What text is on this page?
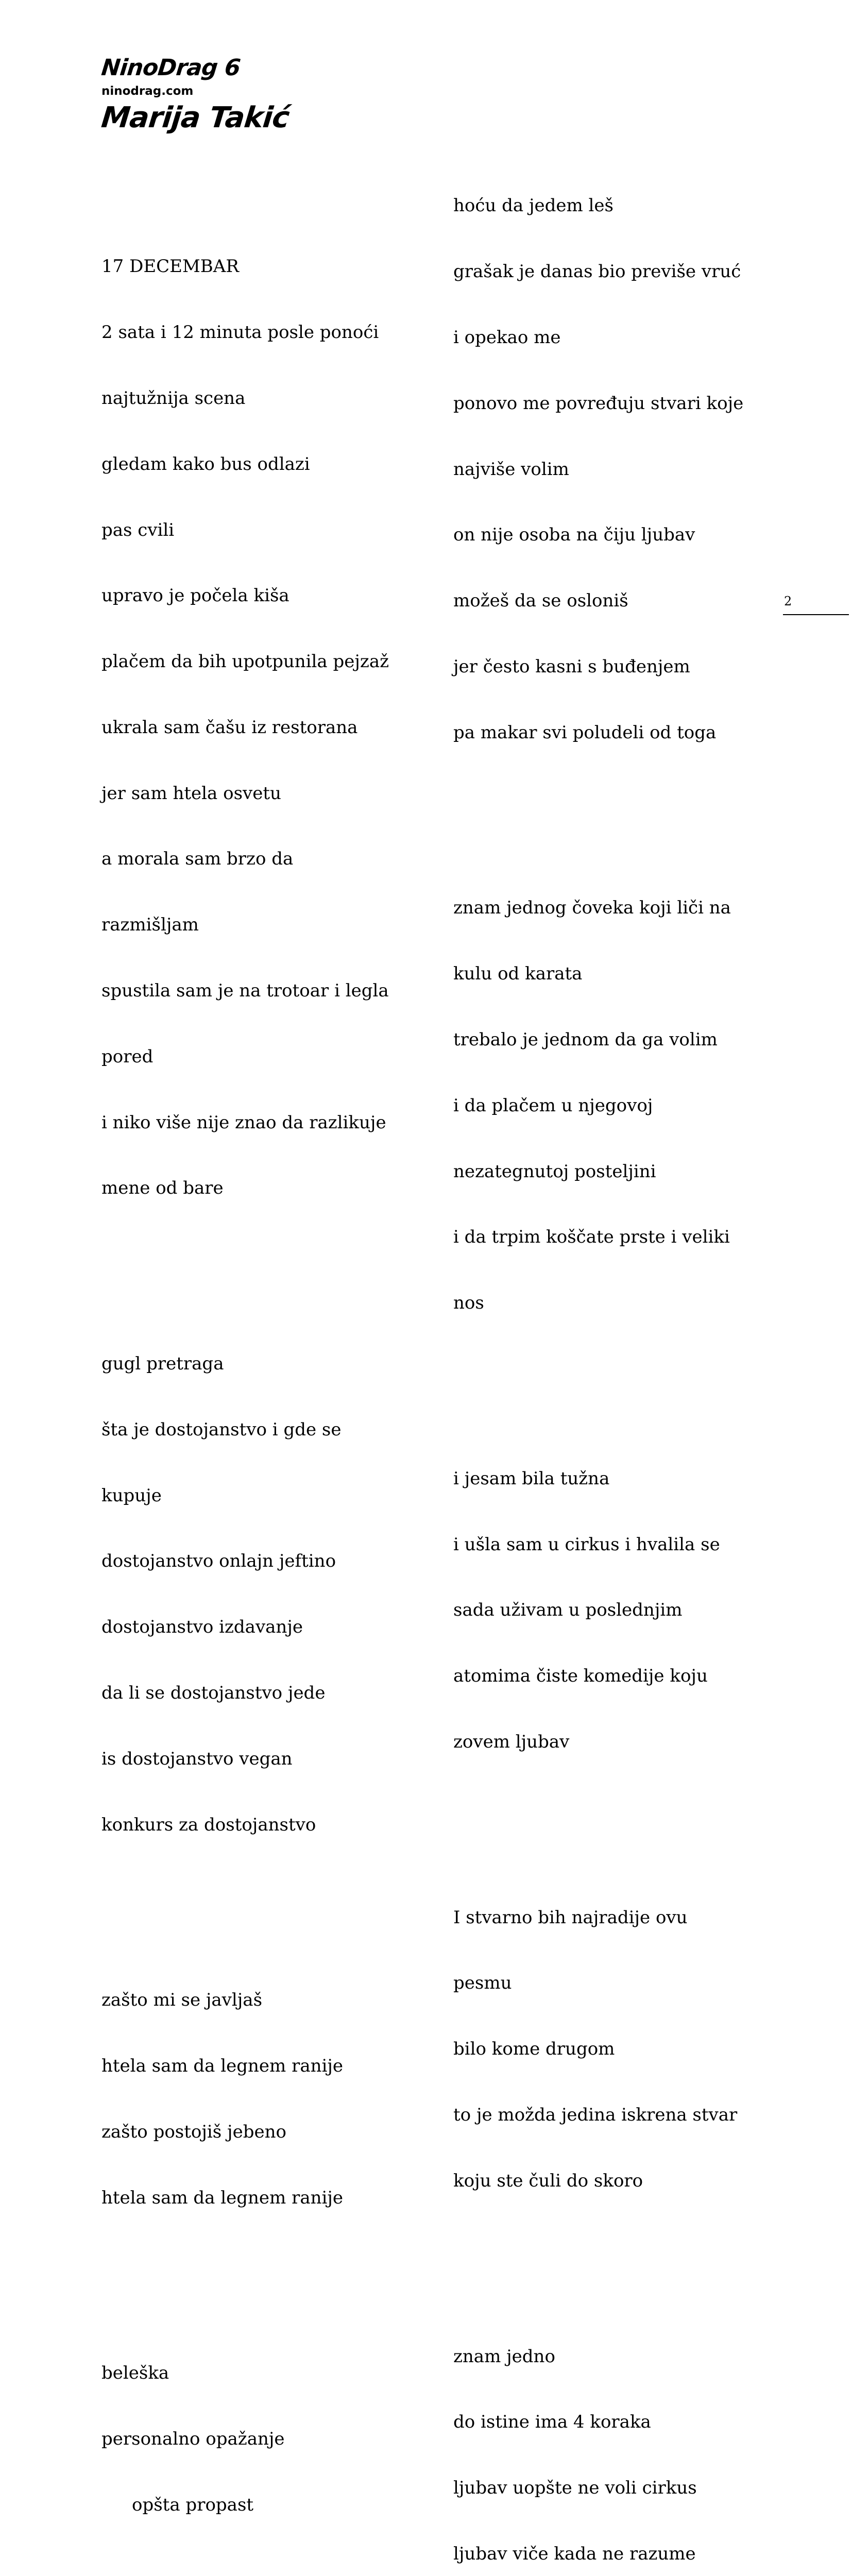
NinoDrag 6
ninodrag.com
Marija Takić

17 DECEMBAR

2 sata i 12 minuta posle ponoći

najtužnija scena

gledam kako bus odlazi

pas cvili

upravo je počela kiša

plačem da bih upotpunila pejzaž

ukrala sam čašu iz restorana

jer sam htela osvetu

a morala sam brzo da

razmišljam

spustila sam je na trotoar i legla

pored

i niko više nije znao da razlikuje

mene od bare

gugl pretraga

šta je dostojanstvo i gde se

kupuje

dostojanstvo onlajn jeftino

dostojanstvo izdavanje

da li se dostojanstvo jede

is dostojanstvo vegan

konkurs za dostojanstvo

zašto mi se javljaš

htela sam da legnem ranije

zašto postojiš jebeno

htela sam da legnem ranije

beleška

personalno opažanje

opšta propast

hoću da jedem leš

grašak je danas bio previše vruć

i opekao me

ponovo me povređuju stvari koje

najviše volim

on nije osoba na čiju ljubav

možeš da se osloniš

jer često kasni s buđenjem

pa makar svi poludeli od toga

znam jednog čoveka koji liči na

kulu od karata

trebalo je jednom da ga volim

i da plačem u njegovoj

nezategnutoj posteljini

i da trpim koščate prste i veliki

nos

i jesam bila tužna

i ušla sam u cirkus i hvalila se

sada uživam u poslednjim

atomima čiste komedije koju

zovem ljubav

I stvarno bih najradije ovu

pesmu

bilo kome drugom

to je možda jedina iskrena stvar

koju ste čuli do skoro

znam jedno

do istine ima 4 koraka

ljubav uopšte ne voli cirkus

ljubav viče kada ne razume

2
